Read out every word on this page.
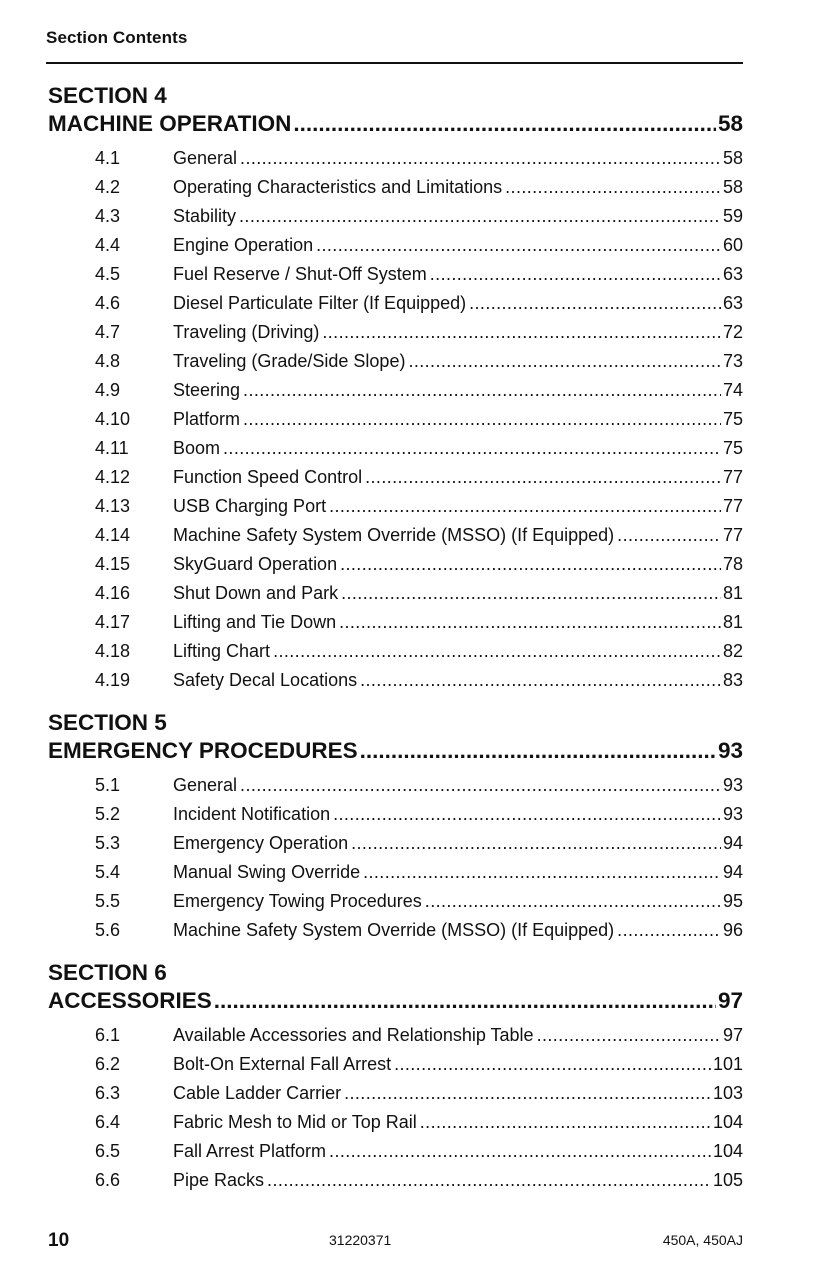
Section Contents
SECTION 4
MACHINE OPERATION .....	58
4.1	General .....	58
4.2	Operating Characteristics and Limitations .....	58
4.3	Stability .....	59
4.4	Engine Operation .....	60
4.5	Fuel Reserve / Shut-Off System .....	63
4.6	Diesel Particulate Filter (If Equipped) .....	63
4.7	Traveling (Driving) .....	72
4.8	Traveling (Grade/Side Slope) .....	73
4.9	Steering .....	74
4.10	Platform .....	75
4.11	Boom .....	75
4.12	Function Speed Control .....	77
4.13	USB Charging Port .....	77
4.14	Machine Safety System Override (MSSO) (If Equipped) .....	77
4.15	SkyGuard Operation .....	78
4.16	Shut Down and Park .....	81
4.17	Lifting and Tie Down .....	81
4.18	Lifting Chart .....	82
4.19	Safety Decal Locations .....	83
SECTION 5
EMERGENCY PROCEDURES .....	93
5.1	General .....	93
5.2	Incident Notification .....	93
5.3	Emergency Operation .....	94
5.4	Manual Swing Override .....	94
5.5	Emergency Towing Procedures .....	95
5.6	Machine Safety System Override (MSSO) (If Equipped) .....	96
SECTION 6
ACCESSORIES .....	97
6.1	Available Accessories and Relationship Table .....	97
6.2	Bolt-On External Fall Arrest .....	101
6.3	Cable Ladder Carrier .....	103
6.4	Fabric Mesh to Mid or Top Rail .....	104
6.5	Fall Arrest Platform .....	104
6.6	Pipe Racks .....	105
10	31220371	450A, 450AJ
